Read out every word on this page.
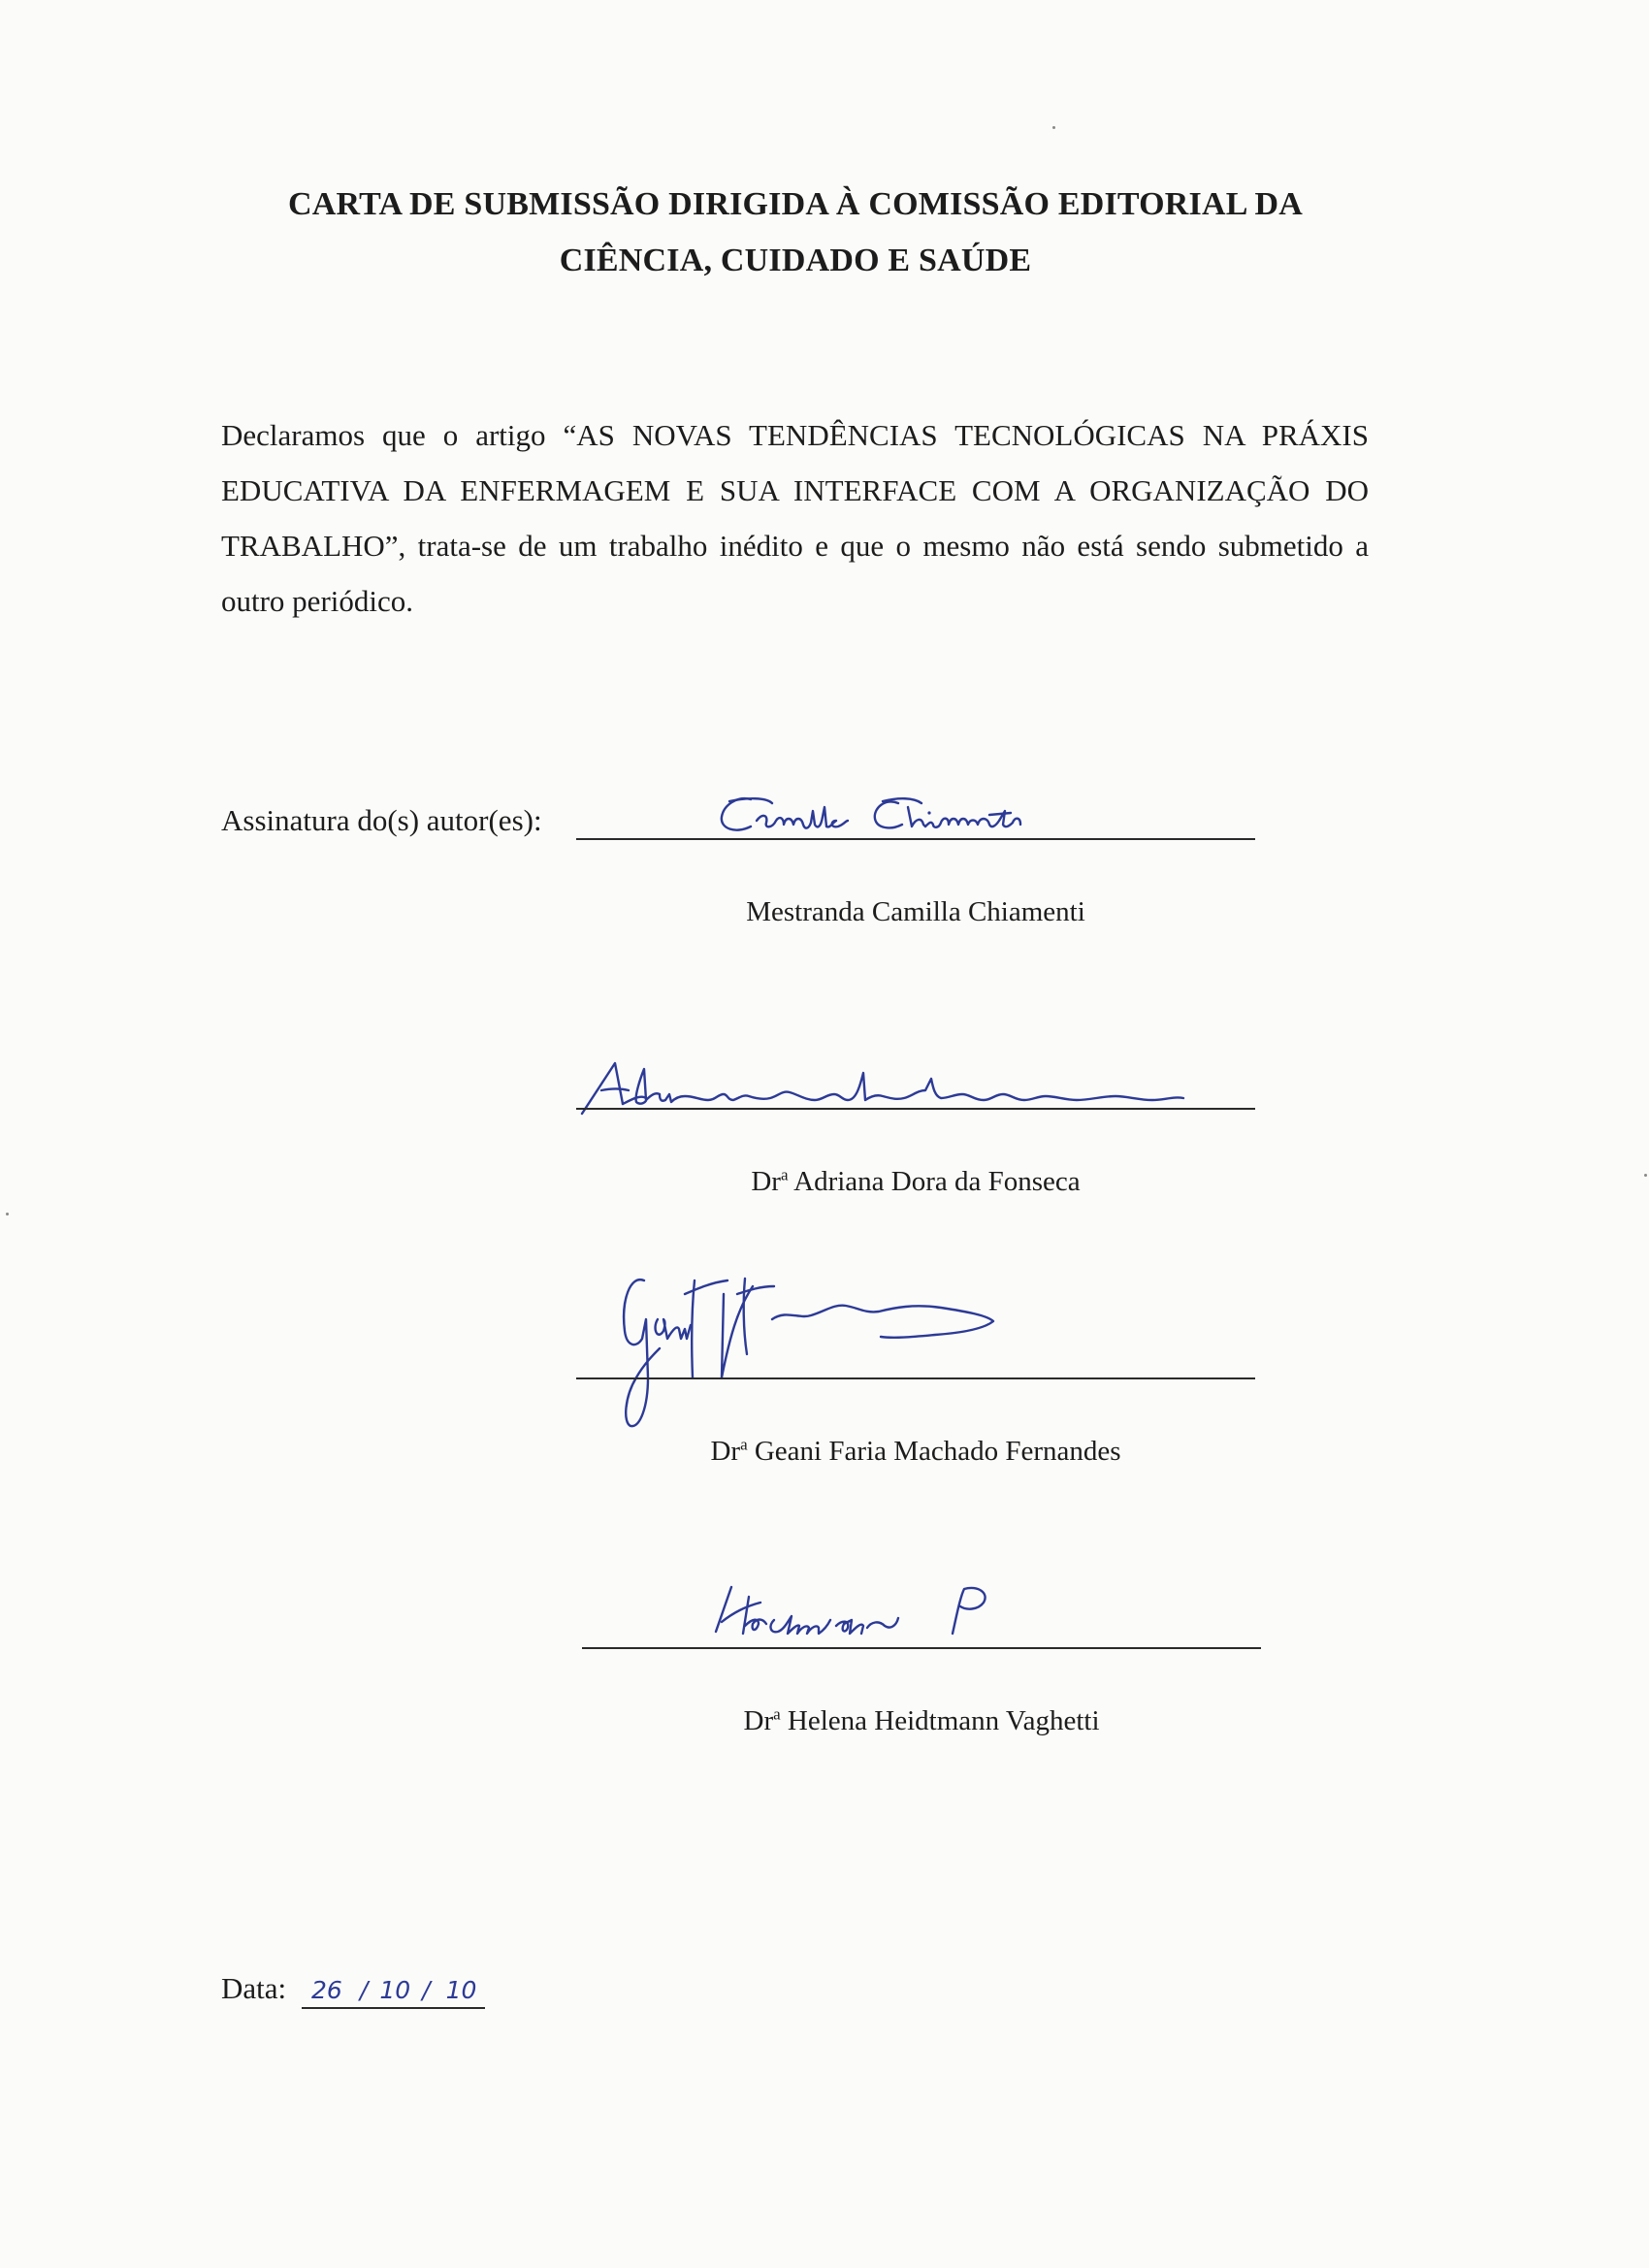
CARTA DE SUBMISSÃO DIRIGIDA À COMISSÃO EDITORIAL DA
CIÊNCIA, CUIDADO E SAÚDE
Declaramos que o artigo “AS NOVAS TENDÊNCIAS TECNOLÓGICAS NA PRÁXIS EDUCATIVA DA ENFERMAGEM E SUA INTERFACE COM A ORGANIZAÇÃO DO TRABALHO”, trata-se de um trabalho inédito e que o mesmo não está sendo submetido a outro periódico.
Assinatura do(s) autor(es):
Mestranda Camilla Chiamenti
Dr$^a$ Adriana Dora da Fonseca
Dr$^a$ Geani Faria Machado Fernandes
Dr$^a$ Helena Heidtmann Vaghetti
Data: 26 / 10 / 10
